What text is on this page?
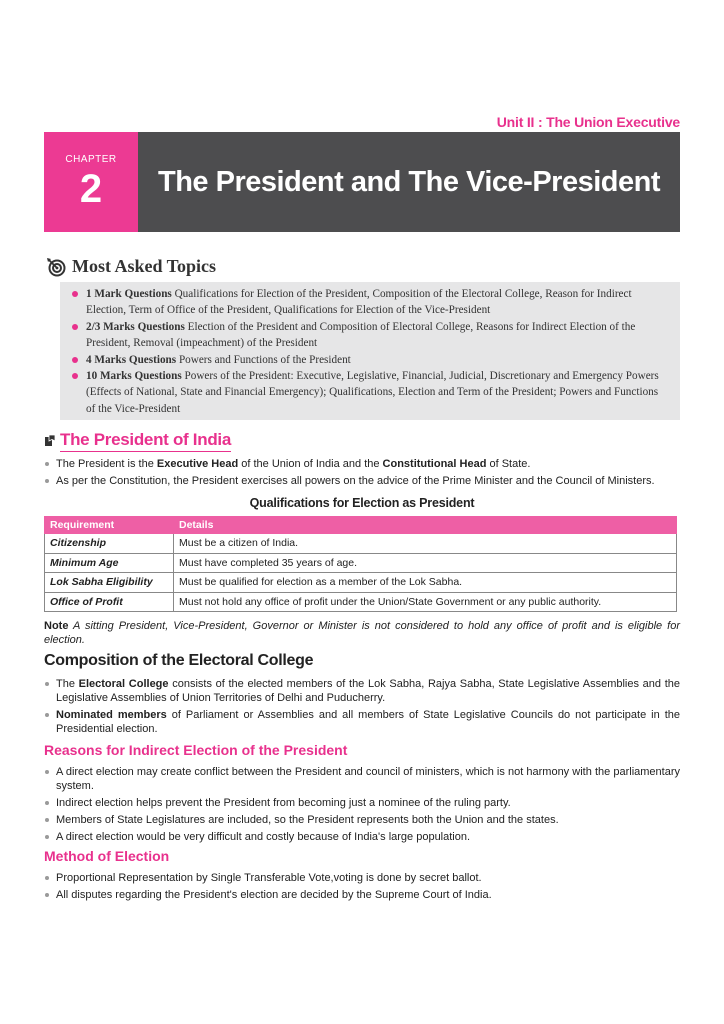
Unit II : The Union Executive
CHAPTER
2	The President and The Vice-President
Most Asked Topics
1 Mark Questions Qualifications for Election of the President, Composition of the Electoral College, Reason for Indirect Election, Term of Office of the President, Qualifications for Election of the Vice-President
2/3 Marks Questions Election of the President and Composition of Electoral College, Reasons for Indirect Election of the President, Removal (impeachment) of the President
4 Marks Questions Powers and Functions of the President
10 Marks Questions Powers of the President: Executive, Legislative, Financial, Judicial, Discretionary and Emergency Powers (Effects of National, State and Financial Emergency); Qualifications, Election and Term of the President; Powers and Functions of the Vice-President
The President of India
The President is the Executive Head of the Union of India and the Constitutional Head of State.
As per the Constitution, the President exercises all powers on the advice of the Prime Minister and the Council of Ministers.
Qualifications for Election as President
Requirement	Details
Citizenship	Must be a citizen of India.
Minimum Age	Must have completed 35 years of age.
Lok Sabha Eligibility	Must be qualified for election as a member of the Lok Sabha.
Office of Profit	Must not hold any office of profit under the Union/State Government or any public authority.
Note A sitting President, Vice-President, Governor or Minister is not considered to hold any office of profit and is eligible for election.
Composition of the Electoral College
The Electoral College consists of the elected members of the Lok Sabha, Rajya Sabha, State Legislative Assemblies and the Legislative Assemblies of Union Territories of Delhi and Puducherry.
Nominated members of Parliament or Assemblies and all members of State Legislative Councils do not participate in the Presidential election.
Reasons for Indirect Election of the President
A direct election may create conflict between the President and council of ministers, which is not harmony with the parliamentary system.
Indirect election helps prevent the President from becoming just a nominee of the ruling party.
Members of State Legislatures are included, so the President represents both the Union and the states.
A direct election would be very difficult and costly because of India's large population.
Method of Election
Proportional Representation by Single Transferable Vote,voting is done by secret ballot.
All disputes regarding the President's election are decided by the Supreme Court of India.
